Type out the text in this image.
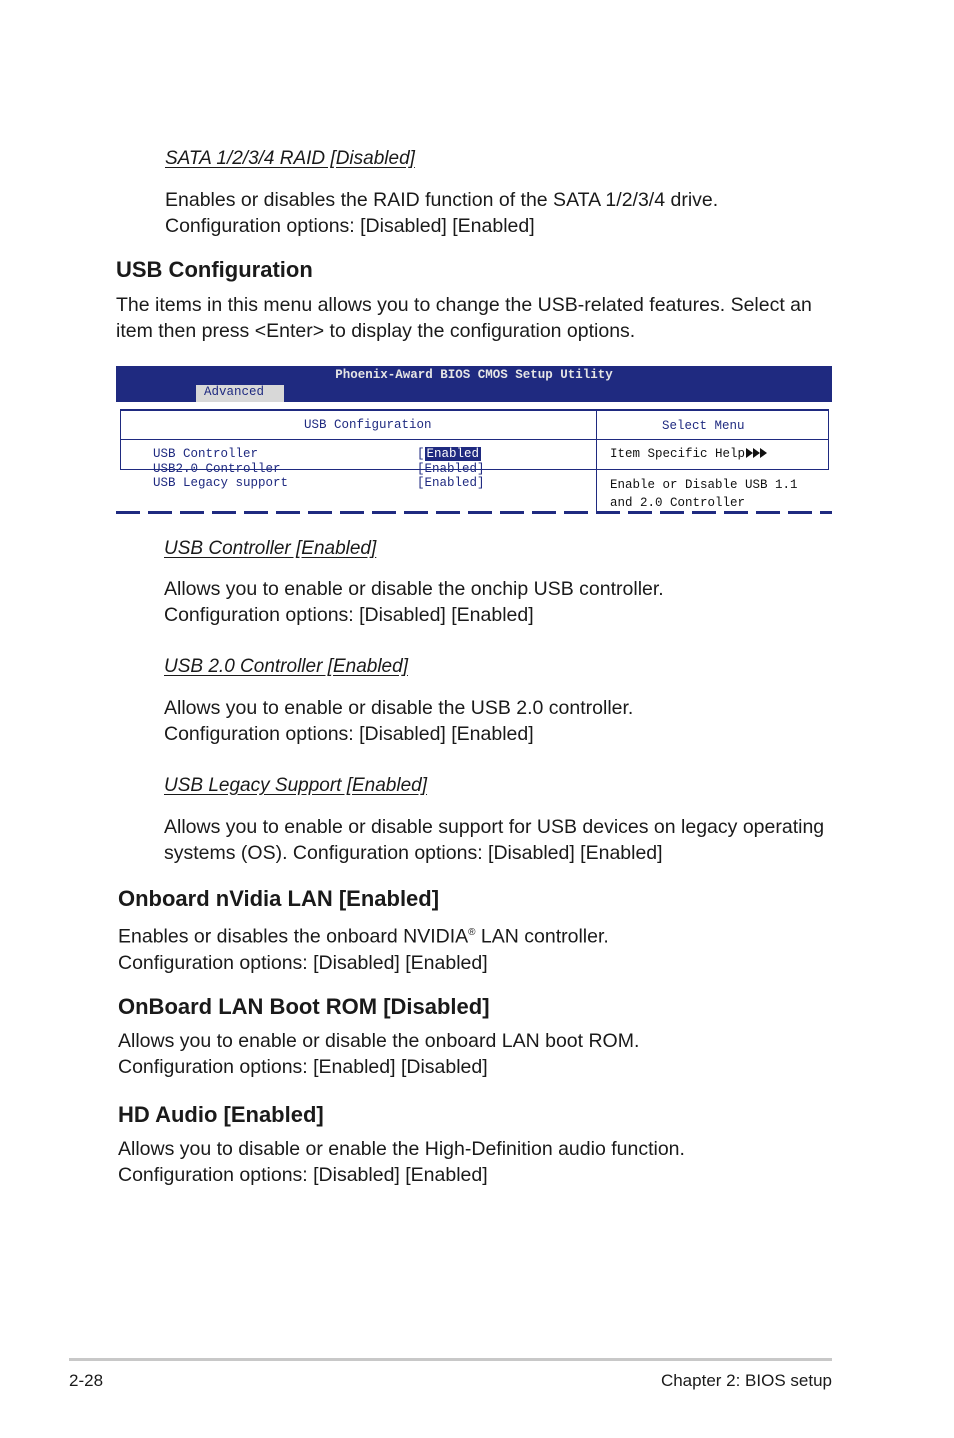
SATA 1/2/3/4 RAID [Disabled]
Enables or disables the RAID function of the SATA 1/2/3/4 drive.
Configuration options: [Disabled] [Enabled]
USB Configuration
The items in this menu allows you to change the USB-related features. Select an
item then press <Enter> to display the configuration options.
Phoenix-Award BIOS CMOS Setup Utility
Advanced
USB Configuration	Select Menu
USB Controller	[ Enabled
USB2.0 Controller	[Enabled]
USB Legacy support	[Enabled]
Item Specific Help
Enable or Disable USB 1.1
and 2.0 Controller
USB Controller [Enabled]
Allows you to enable or disable the onchip USB controller.
Configuration options: [Disabled] [Enabled]
USB 2.0 Controller [Enabled]
Allows you to enable or disable the USB 2.0 controller.
Configuration options: [Disabled] [Enabled]
USB Legacy Support [Enabled]
Allows you to enable or disable support for USB devices on legacy operating
systems (OS). Configuration options: [Disabled] [Enabled]
Onboard nVidia LAN [Enabled]
Enables or disables the onboard NVIDIA® LAN controller.
Configuration options: [Disabled] [Enabled]
OnBoard LAN Boot ROM [Disabled]
Allows you to enable or disable the onboard LAN boot ROM.
Configuration options: [Enabled] [Disabled]
HD Audio [Enabled]
Allows you to disable or enable the High-Definition audio function.
Configuration options: [Disabled] [Enabled]
2-28	Chapter 2: BIOS setup
